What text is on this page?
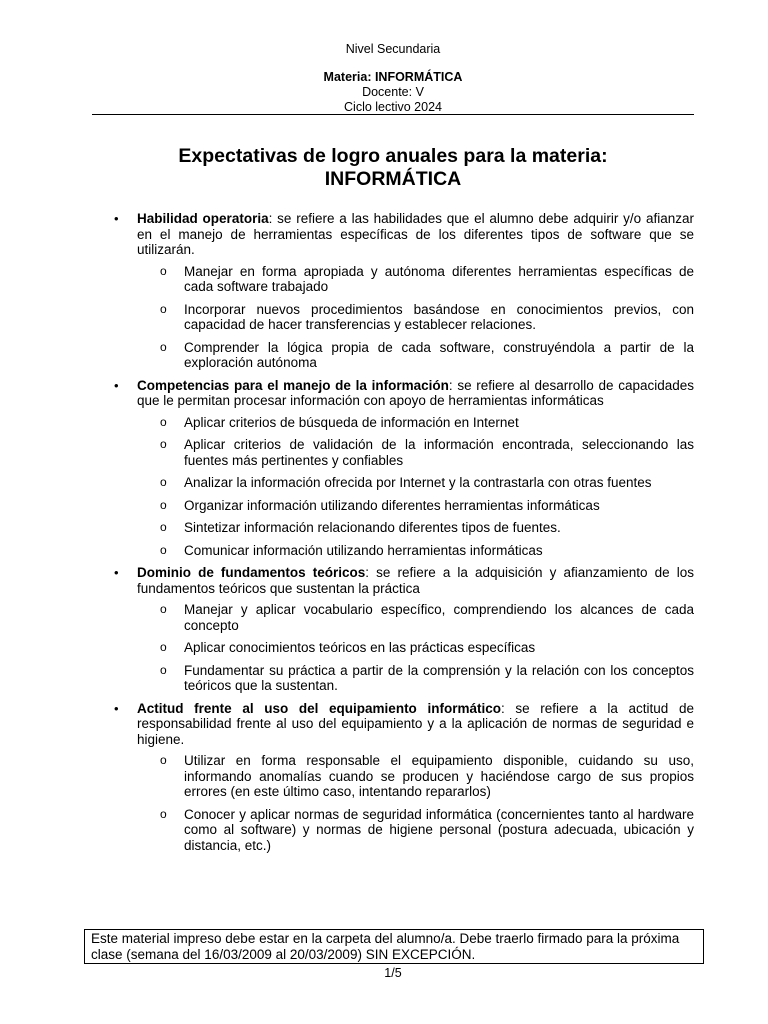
Nivel Secundaria
Materia: INFORMÁTICA
Docente: V
Ciclo lectivo 2024
Expectativas de logro anuales para la materia:
INFORMÁTICA
• Habilidad operatoria: se refiere a las habilidades que el alumno debe adquirir y/o afianzar en el manejo de herramientas específicas de los diferentes tipos de software que se utilizarán.
o Manejar en forma apropiada y autónoma diferentes herramientas específicas de cada software trabajado
o Incorporar nuevos procedimientos basándose en conocimientos previos, con capacidad de hacer transferencias y establecer relaciones.
o Comprender la lógica propia de cada software, construyéndola a partir de la exploración autónoma
• Competencias para el manejo de la información: se refiere al desarrollo de capacidades que le permitan procesar información con apoyo de herramientas informáticas
o Aplicar criterios de búsqueda de información en Internet
o Aplicar criterios de validación de la información encontrada, seleccionando las fuentes más pertinentes y confiables
o Analizar la información ofrecida por Internet y la contrastarla con otras fuentes
o Organizar información utilizando diferentes herramientas informáticas
o Sintetizar información relacionando diferentes tipos de fuentes.
o Comunicar información utilizando herramientas informáticas
• Dominio de fundamentos teóricos: se refiere a la adquisición y afianzamiento de los fundamentos teóricos que sustentan la práctica
o Manejar y aplicar vocabulario específico, comprendiendo los alcances de cada concepto
o Aplicar conocimientos teóricos en las prácticas específicas
o Fundamentar su práctica a partir de la comprensión y la relación con los conceptos teóricos que la sustentan.
• Actitud frente al uso del equipamiento informático: se refiere a la actitud de responsabilidad frente al uso del equipamiento y a la aplicación de normas de seguridad e higiene.
o Utilizar en forma responsable el equipamiento disponible, cuidando su uso, informando anomalías cuando se producen y haciéndose cargo de sus propios errores (en este último caso, intentando repararlos)
o Conocer y aplicar normas de seguridad informática (concernientes tanto al hardware como al software) y normas de higiene personal (postura adecuada, ubicación y distancia, etc.)
Este material impreso debe estar en la carpeta del alumno/a. Debe traerlo firmado para la próxima clase (semana del 16/03/2009 al 20/03/2009) SIN EXCEPCIÓN.
1/5
